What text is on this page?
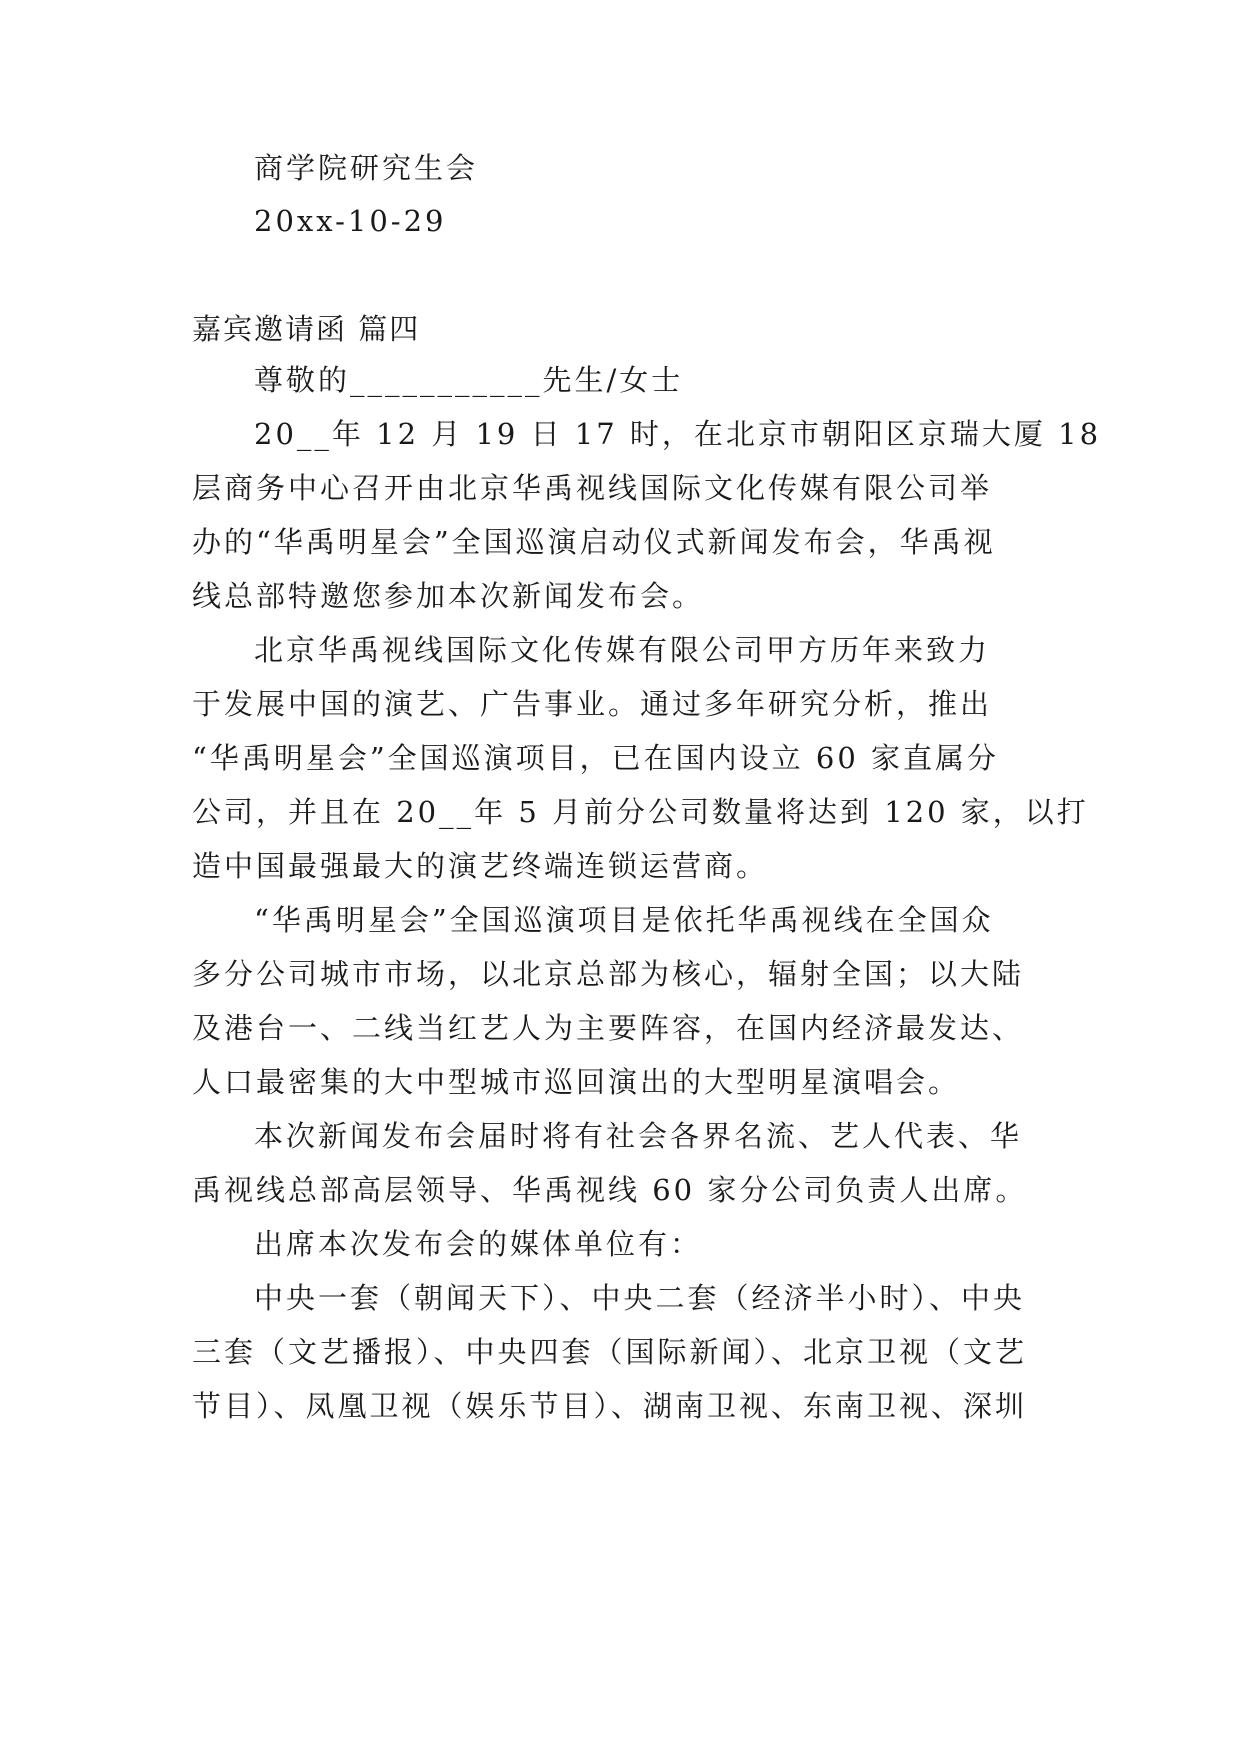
商学院研究生会
20xx-10-29
嘉宾邀请函 篇四
尊敬的___________先生/女士
20__年 12 月 19 日 17 时，在北京市朝阳区京瑞大厦 18
层商务中心召开由北京华禹视线国际文化传媒有限公司举
办的“华禹明星会”全国巡演启动仪式新闻发布会，华禹视
线总部特邀您参加本次新闻发布会。
北京华禹视线国际文化传媒有限公司甲方历年来致力
于发展中国的演艺、广告事业。通过多年研究分析，推出
“华禹明星会”全国巡演项目，已在国内设立 60 家直属分
公司，并且在 20__年 5 月前分公司数量将达到 120 家，以打
造中国最强最大的演艺终端连锁运营商。
“华禹明星会”全国巡演项目是依托华禹视线在全国众
多分公司城市市场，以北京总部为核心，辐射全国；以大陆
及港台一、二线当红艺人为主要阵容，在国内经济最发达、
人口最密集的大中型城市巡回演出的大型明星演唱会。
本次新闻发布会届时将有社会各界名流、艺人代表、华
禹视线总部高层领导、华禹视线 60 家分公司负责人出席。
出席本次发布会的媒体单位有：
中央一套（朝闻天下）、中央二套（经济半小时）、中央
三套（文艺播报）、中央四套（国际新闻）、北京卫视（文艺
节目）、凤凰卫视（娱乐节目）、湖南卫视、东南卫视、深圳
